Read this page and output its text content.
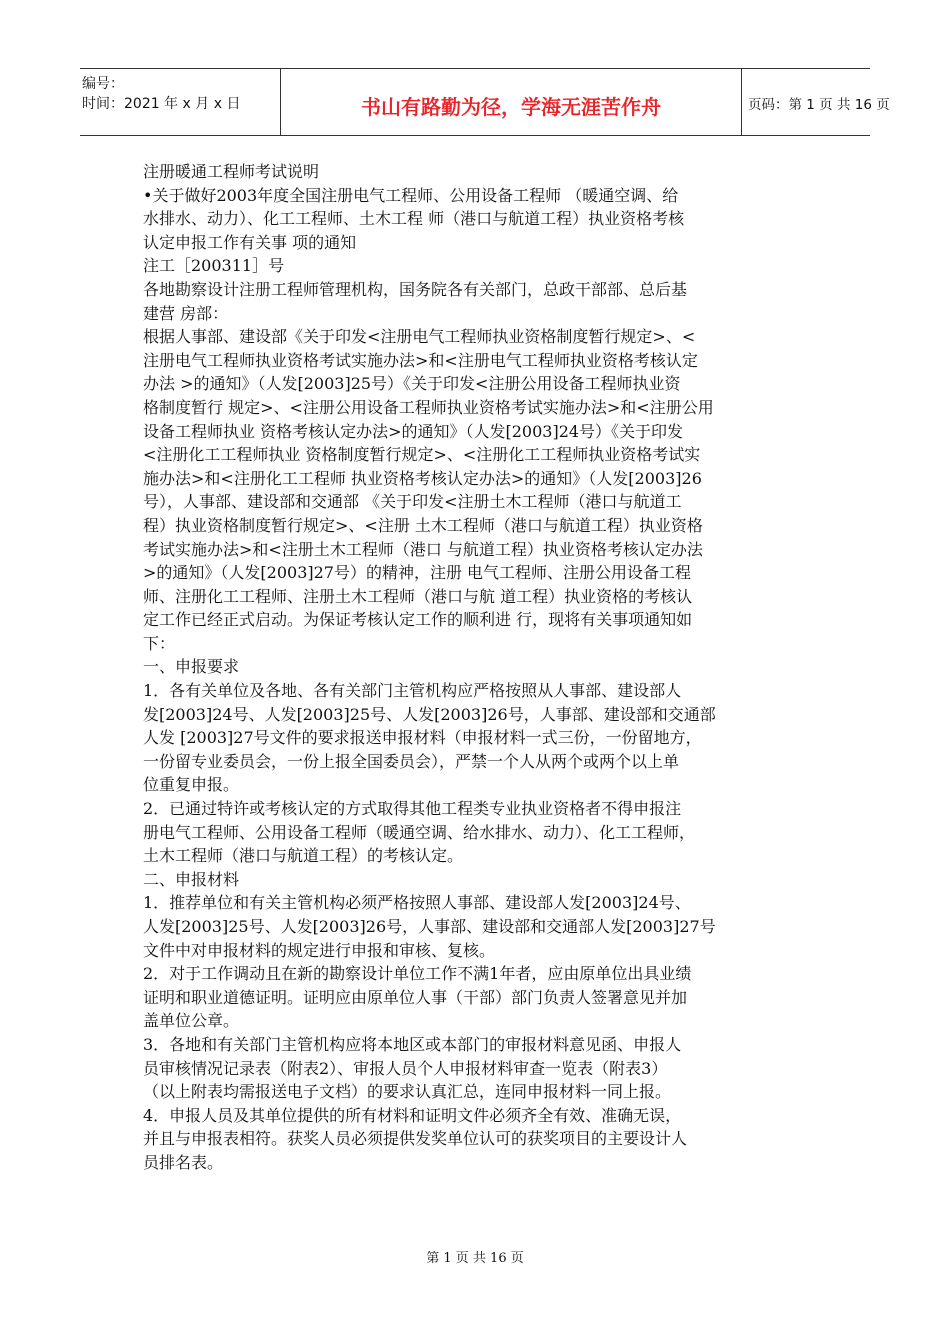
编号：
时间：2021 年 x 月 x 日	书山有路勤为径，学海无涯苦作舟	页码：第 1 页 共 16 页
注册暖通工程师考试说明
•关于做好2003年度全国注册电气工程师、公用设备工程师 （暖通空调、给
水排水、动力）、化工工程师、土木工程 师（港口与航道工程）执业资格考核
认定申报工作有关事 项的通知
注工［200311］号
各地勘察设计注册工程师管理机构，国务院各有关部门，总政干部部、总后基
建营 房部：
根据人事部、建设部《关于印发<注册电气工程师执业资格制度暂行规定>、<
注册电气工程师执业资格考试实施办法>和<注册电气工程师执业资格考核认定
办法 >的通知》（人发[2003]25号）《关于印发<注册公用设备工程师执业资
格制度暂行 规定>、<注册公用设备工程师执业资格考试实施办法>和<注册公用
设备工程师执业 资格考核认定办法>的通知》（人发[2003]24号）《关于印发
<注册化工工程师执业 资格制度暂行规定>、<注册化工工程师执业资格考试实
施办法>和<注册化工工程师 执业资格考核认定办法>的通知》（人发[2003]26
号），人事部、建设部和交通部 《关于印发<注册土木工程师（港口与航道工
程）执业资格制度暂行规定>、<注册 土木工程师（港口与航道工程）执业资格
考试实施办法>和<注册土木工程师（港口 与航道工程）执业资格考核认定办法
>的通知》（人发[2003]27号）的精神，注册 电气工程师、注册公用设备工程
师、注册化工工程师、注册土木工程师（港口与航 道工程）执业资格的考核认
定工作已经正式启动。为保证考核认定工作的顺利进 行，现将有关事项通知如
下：
一、申报要求
1．各有关单位及各地、各有关部门主管机构应严格按照从人事部、建设部人
发[2003]24号、人发[2003]25号、人发[2003]26号，人事部、建设部和交通部
人发 [2003]27号文件的要求报送申报材料（申报材料一式三份，一份留地方，
一份留专业委员会，一份上报全国委员会），严禁一个人从两个或两个以上单
位重复申报。
2．已通过特许或考核认定的方式取得其他工程类专业执业资格者不得申报注
册电气工程师、公用设备工程师（暖通空调、给水排水、动力）、化工工程师，
土木工程师（港口与航道工程）的考核认定。
二、申报材料
1．推荐单位和有关主管机构必须严格按照人事部、建设部人发[2003]24号、
人发[2003]25号、人发[2003]26号，人事部、建设部和交通部人发[2003]27号
文件中对申报材料的规定进行申报和审核、复核。
2．对于工作调动且在新的勘察设计单位工作不满1年者，应由原单位出具业绩
证明和职业道德证明。证明应由原单位人事（干部）部门负责人签署意见并加
盖单位公章。
3．各地和有关部门主管机构应将本地区或本部门的审报材料意见函、申报人
员审核情况记录表（附表2）、审报人员个人申报材料审查一览表（附表3）
（以上附表均需报送电子文档）的要求认真汇总，连同申报材料一同上报。
4．申报人员及其单位提供的所有材料和证明文件必须齐全有效、准确无误，
并且与申报表相符。获奖人员必须提供发奖单位认可的获奖项目的主要设计人
员排名表。
第 1 页 共 16 页
